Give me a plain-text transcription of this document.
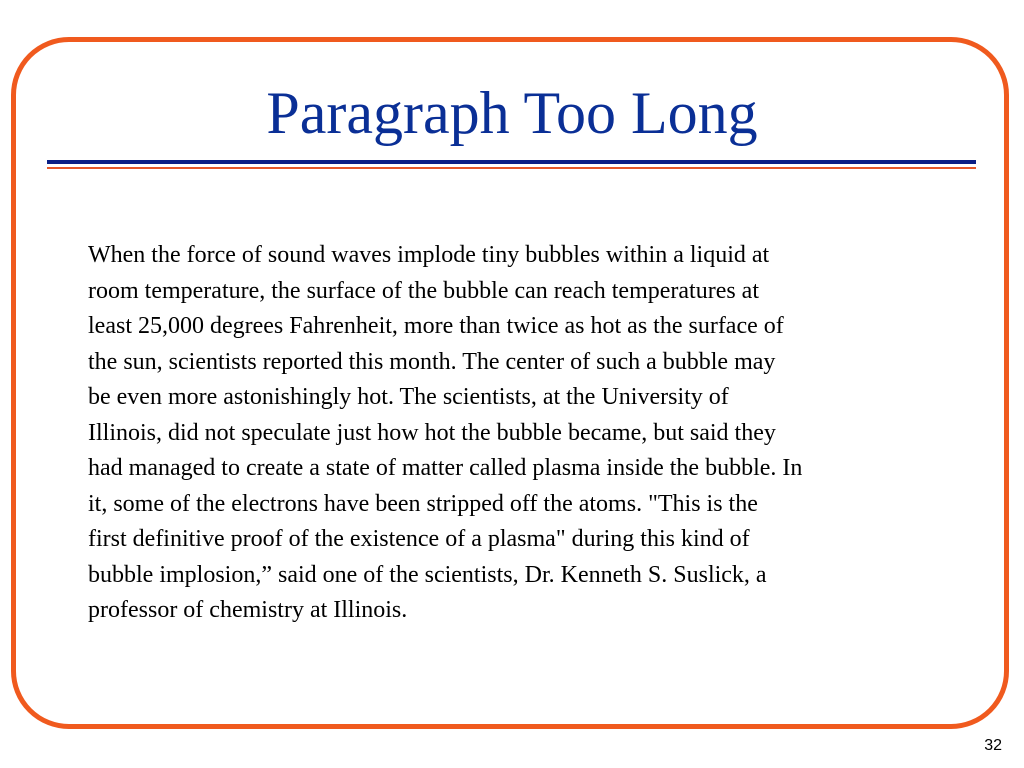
Paragraph Too Long

When the force of sound waves implode tiny bubbles within a liquid at
room temperature, the surface of the bubble can reach temperatures at
least 25,000 degrees Fahrenheit, more than twice as hot as the surface of
the sun, scientists reported this month. The center of such a bubble may
be even more astonishingly hot. The scientists, at the University of
Illinois, did not speculate just how hot the bubble became, but said they
had managed to create a state of matter called plasma inside the bubble. In
it, some of the electrons have been stripped off the atoms. "This is the
first definitive proof of the existence of a plasma" during this kind of
bubble implosion,” said one of the scientists, Dr. Kenneth S. Suslick, a
professor of chemistry at Illinois.

32
